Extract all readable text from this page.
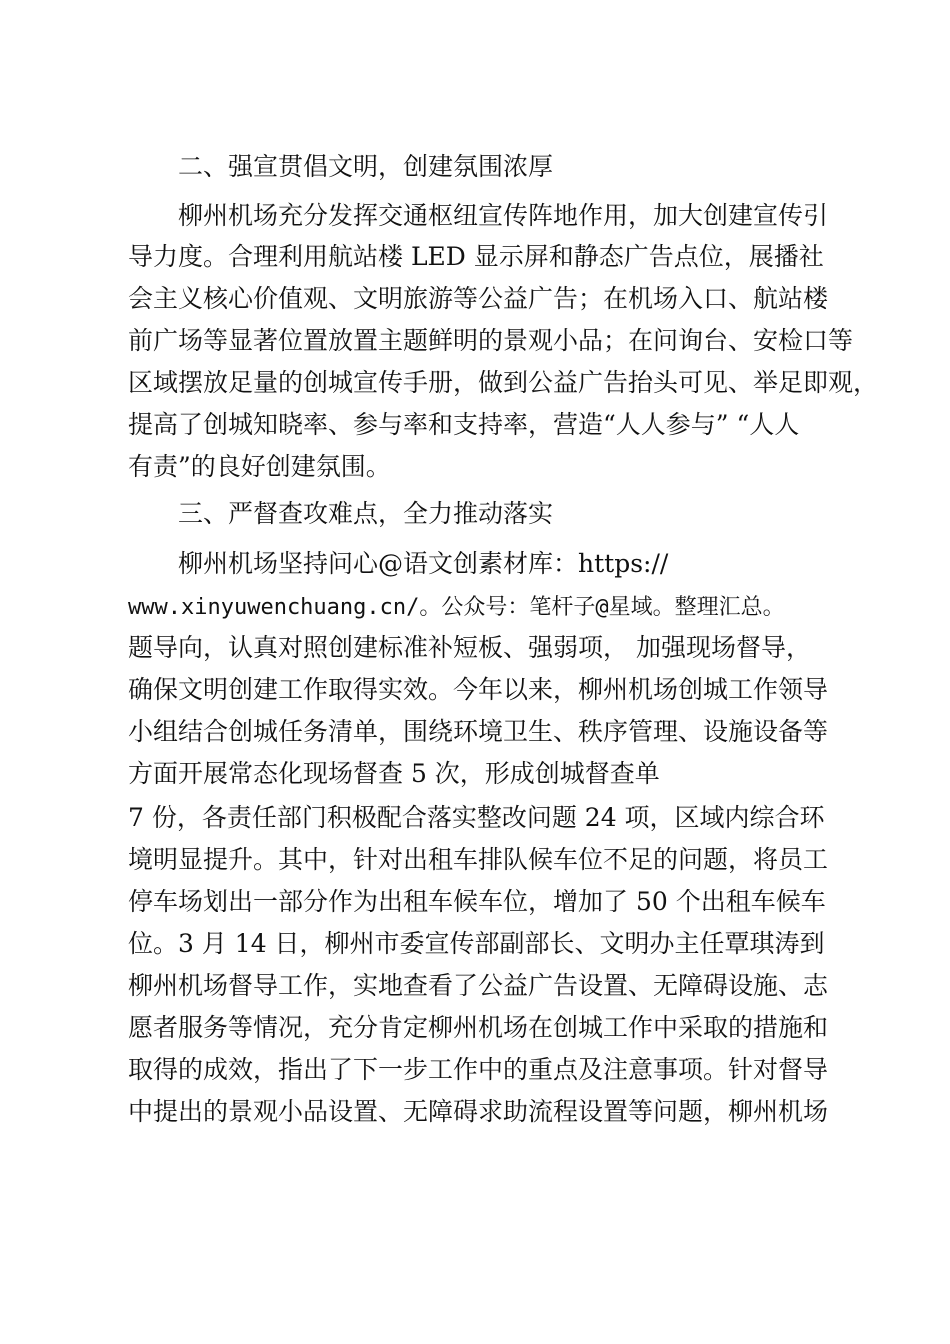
二、强宣贯倡文明，创建氛围浓厚
柳州机场充分发挥交通枢纽宣传阵地作用，加大创建宣传引
导力度。合理利用航站楼 LED 显示屏和静态广告点位，展播社
会主义核心价值观、文明旅游等公益广告；在机场入口、航站楼
前广场等显著位置放置主题鲜明的景观小品；在问询台、安检口等
区域摆放足量的创城宣传手册，做到公益广告抬头可见、举足即观，
提高了创城知晓率、参与率和支持率，营造“人人参与” “人人
有责”的良好创建氛围。
三、严督查攻难点，全力推动落实
柳州机场坚持问心@语文创素材库：https://
www.xinyuwenchuang.cn/。公众号：笔杆子@星域。整理汇总。
题导向，认真对照创建标准补短板、强弱项， 加强现场督导，
确保文明创建工作取得实效。今年以来，柳州机场创城工作领导
小组结合创城任务清单，围绕环境卫生、秩序管理、设施设备等
方面开展常态化现场督查 5 次，形成创城督查单
7 份，各责任部门积极配合落实整改问题 24 项，区域内综合环
境明显提升。其中，针对出租车排队候车位不足的问题，将员工
停车场划出一部分作为出租车候车位，增加了 50 个出租车候车
位。3 月 14 日，柳州市委宣传部副部长、文明办主任覃琪涛到
柳州机场督导工作，实地查看了公益广告设置、无障碍设施、志
愿者服务等情况，充分肯定柳州机场在创城工作中采取的措施和
取得的成效，指出了下一步工作中的重点及注意事项。针对督导
中提出的景观小品设置、无障碍求助流程设置等问题，柳州机场
